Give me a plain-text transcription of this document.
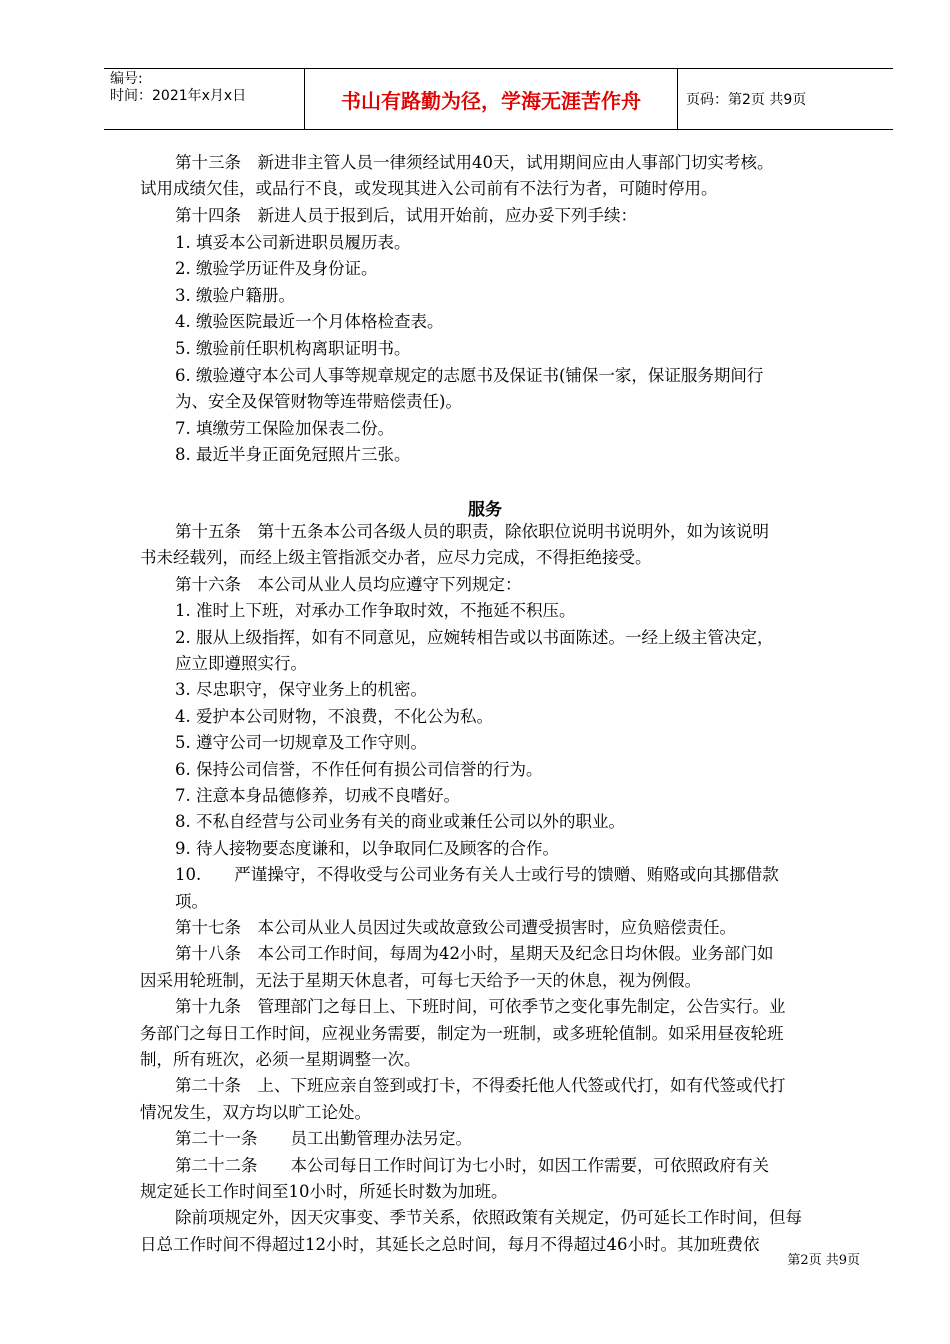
编号:
时间：2021年x月x日	书山有路勤为径，学海无涯苦作舟	页码：第2页 共9页
第十三条　新进非主管人员一律须经试用40天，试用期间应由人事部门切实考核。
试用成绩欠佳，或品行不良，或发现其进入公司前有不法行为者，可随时停用。
第十四条　新进人员于报到后，试用开始前，应办妥下列手续：
1. 填妥本公司新进职员履历表。
2. 缴验学历证件及身份证。
3. 缴验户籍册。
4. 缴验医院最近一个月体格检查表。
5. 缴验前任职机构离职证明书。
6. 缴验遵守本公司人事等规章规定的志愿书及保证书(铺保一家，保证服务期间行
为、安全及保管财物等连带赔偿责任)。
7. 填缴劳工保险加保表二份。
8. 最近半身正面免冠照片三张。
服务
第十五条　第十五条本公司各级人员的职责，除依职位说明书说明外，如为该说明
书未经载列，而经上级主管指派交办者，应尽力完成，不得拒绝接受。
第十六条　本公司从业人员均应遵守下列规定：
1. 准时上下班，对承办工作争取时效，不拖延不积压。
2. 服从上级指挥，如有不同意见，应婉转相告或以书面陈述。一经上级主管决定，
应立即遵照实行。
3. 尽忠职守，保守业务上的机密。
4. 爱护本公司财物，不浪费，不化公为私。
5. 遵守公司一切规章及工作守则。
6. 保持公司信誉，不作任何有损公司信誉的行为。
7. 注意本身品德修养，切戒不良嗜好。
8. 不私自经营与公司业务有关的商业或兼任公司以外的职业。
9. 待人接物要态度谦和，以争取同仁及顾客的合作。
10.　　严谨操守，不得收受与公司业务有关人士或行号的馈赠、贿赂或向其挪借款
项。
第十七条　本公司从业人员因过失或故意致公司遭受损害时，应负赔偿责任。
第十八条　本公司工作时间，每周为42小时，星期天及纪念日均休假。业务部门如
因采用轮班制，无法于星期天休息者，可每七天给予一天的休息，视为例假。
第十九条　管理部门之每日上、下班时间，可依季节之变化事先制定，公告实行。业
务部门之每日工作时间，应视业务需要，制定为一班制，或多班轮值制。如采用昼夜轮班
制，所有班次，必须一星期调整一次。
第二十条　上、下班应亲自签到或打卡，不得委托他人代签或代打，如有代签或代打
情况发生，双方均以旷工论处。
第二十一条　　员工出勤管理办法另定。
第二十二条　　本公司每日工作时间订为七小时，如因工作需要，可依照政府有关
规定延长工作时间至10小时，所延长时数为加班。
除前项规定外，因天灾事变、季节关系，依照政策有关规定，仍可延长工作时间，但每
日总工作时间不得超过12小时，其延长之总时间，每月不得超过46小时。其加班费依
第2页 共9页
